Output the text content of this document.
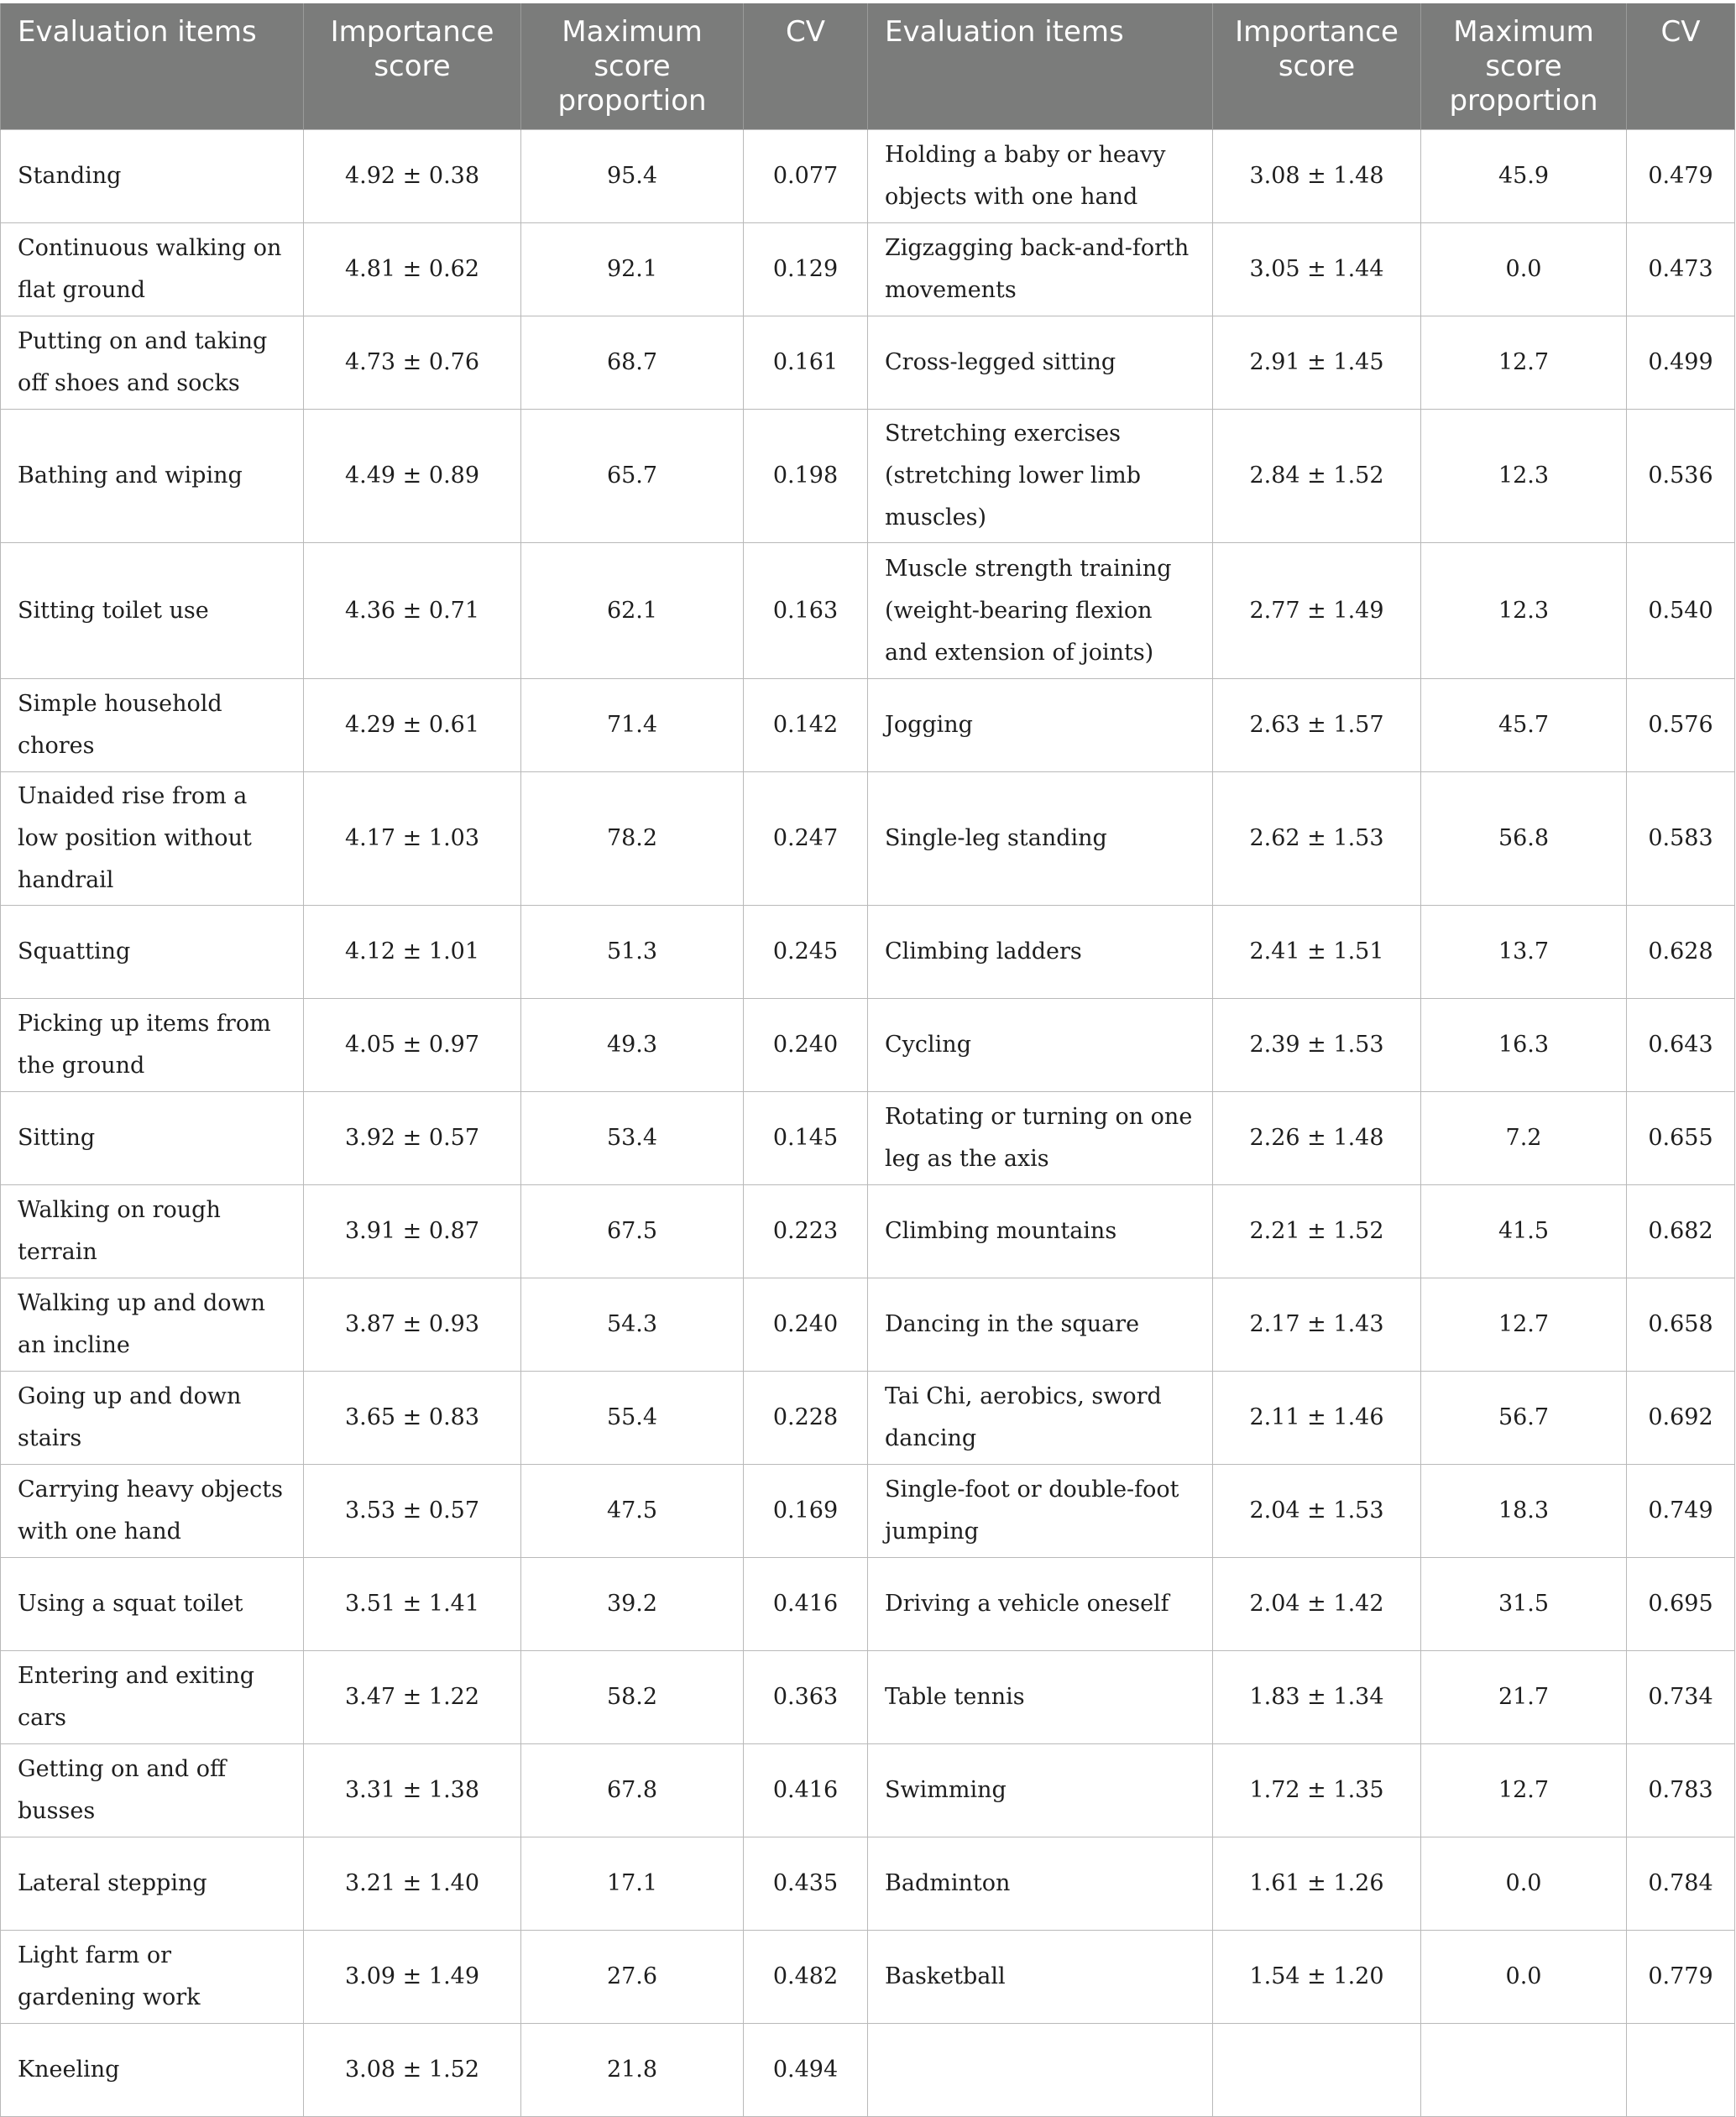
Evaluation items	Importance score	Maximum score proportion	CV	Evaluation items	Importance score	Maximum score proportion	CV
Standing	4.92 ± 0.38	95.4	0.077	Holding a baby or heavy objects with one hand	3.08 ± 1.48	45.9	0.479
Continuous walking on flat ground	4.81 ± 0.62	92.1	0.129	Zigzagging back-and-forth movements	3.05 ± 1.44	0.0	0.473
Putting on and taking off shoes and socks	4.73 ± 0.76	68.7	0.161	Cross-legged sitting	2.91 ± 1.45	12.7	0.499
Bathing and wiping	4.49 ± 0.89	65.7	0.198	Stretching exercises (stretching lower limb muscles)	2.84 ± 1.52	12.3	0.536
Sitting toilet use	4.36 ± 0.71	62.1	0.163	Muscle strength training (weight-bearing flexion and extension of joints)	2.77 ± 1.49	12.3	0.540
Simple household chores	4.29 ± 0.61	71.4	0.142	Jogging	2.63 ± 1.57	45.7	0.576
Unaided rise from a low position without handrail	4.17 ± 1.03	78.2	0.247	Single-leg standing	2.62 ± 1.53	56.8	0.583
Squatting	4.12 ± 1.01	51.3	0.245	Climbing ladders	2.41 ± 1.51	13.7	0.628
Picking up items from the ground	4.05 ± 0.97	49.3	0.240	Cycling	2.39 ± 1.53	16.3	0.643
Sitting	3.92 ± 0.57	53.4	0.145	Rotating or turning on one leg as the axis	2.26 ± 1.48	7.2	0.655
Walking on rough terrain	3.91 ± 0.87	67.5	0.223	Climbing mountains	2.21 ± 1.52	41.5	0.682
Walking up and down an incline	3.87 ± 0.93	54.3	0.240	Dancing in the square	2.17 ± 1.43	12.7	0.658
Going up and down stairs	3.65 ± 0.83	55.4	0.228	Tai Chi, aerobics, sword dancing	2.11 ± 1.46	56.7	0.692
Carrying heavy objects with one hand	3.53 ± 0.57	47.5	0.169	Single-foot or double-foot jumping	2.04 ± 1.53	18.3	0.749
Using a squat toilet	3.51 ± 1.41	39.2	0.416	Driving a vehicle oneself	2.04 ± 1.42	31.5	0.695
Entering and exiting cars	3.47 ± 1.22	58.2	0.363	Table tennis	1.83 ± 1.34	21.7	0.734
Getting on and off busses	3.31 ± 1.38	67.8	0.416	Swimming	1.72 ± 1.35	12.7	0.783
Lateral stepping	3.21 ± 1.40	17.1	0.435	Badminton	1.61 ± 1.26	0.0	0.784
Light farm or gardening work	3.09 ± 1.49	27.6	0.482	Basketball	1.54 ± 1.20	0.0	0.779
Kneeling	3.08 ± 1.52	21.8	0.494				
